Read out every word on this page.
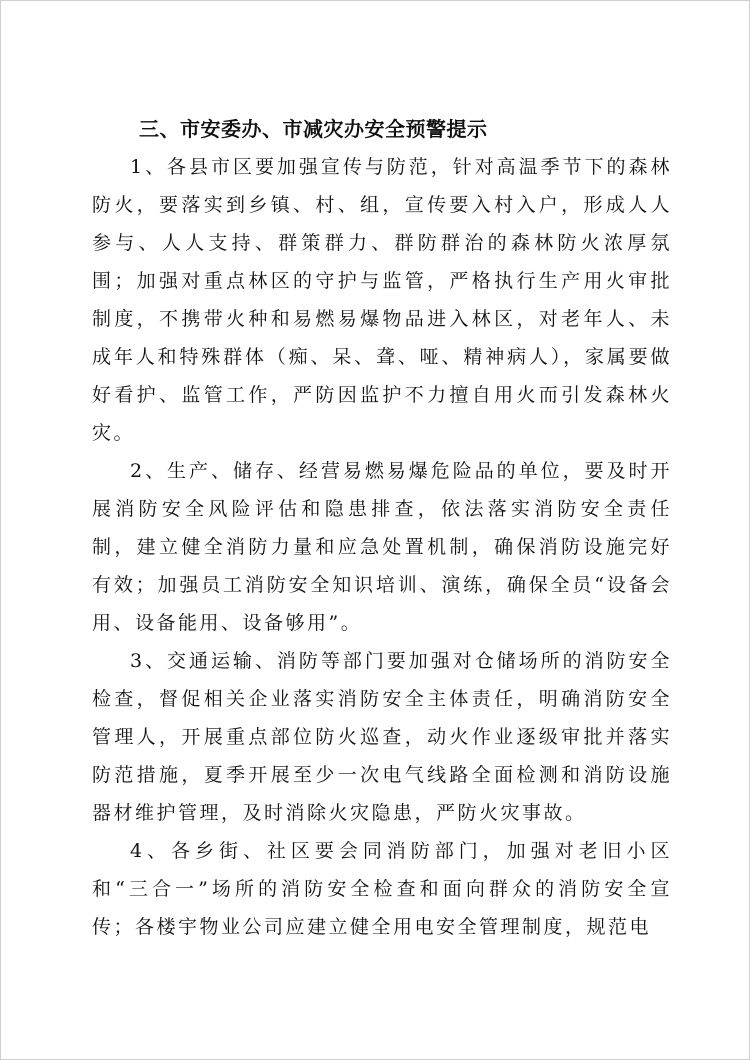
三、市安委办、市减灾办安全预警提示

1、各县市区要加强宣传与防范，针对高温季节下的森林防火，要落实到乡镇、村、组，宣传要入村入户，形成人人参与、人人支持、群策群力、群防群治的森林防火浓厚氛围；加强对重点林区的守护与监管，严格执行生产用火审批制度，不携带火种和易燃易爆物品进入林区，对老年人、未成年人和特殊群体（痴、呆、聋、哑、精神病人），家属要做好看护、监管工作，严防因监护不力擅自用火而引发森林火灾。

2、生产、储存、经营易燃易爆危险品的单位，要及时开展消防安全风险评估和隐患排查，依法落实消防安全责任制，建立健全消防力量和应急处置机制，确保消防设施完好有效；加强员工消防安全知识培训、演练，确保全员“设备会用、设备能用、设备够用”。

3、交通运输、消防等部门要加强对仓储场所的消防安全检查，督促相关企业落实消防安全主体责任，明确消防安全管理人，开展重点部位防火巡查，动火作业逐级审批并落实防范措施，夏季开展至少一次电气线路全面检测和消防设施器材维护管理，及时消除火灾隐患，严防火灾事故。

4、各乡街、社区要会同消防部门，加强对老旧小区和“三合一”场所的消防安全检查和面向群众的消防安全宣传；各楼宇物业公司应建立健全用电安全管理制度，规范电
